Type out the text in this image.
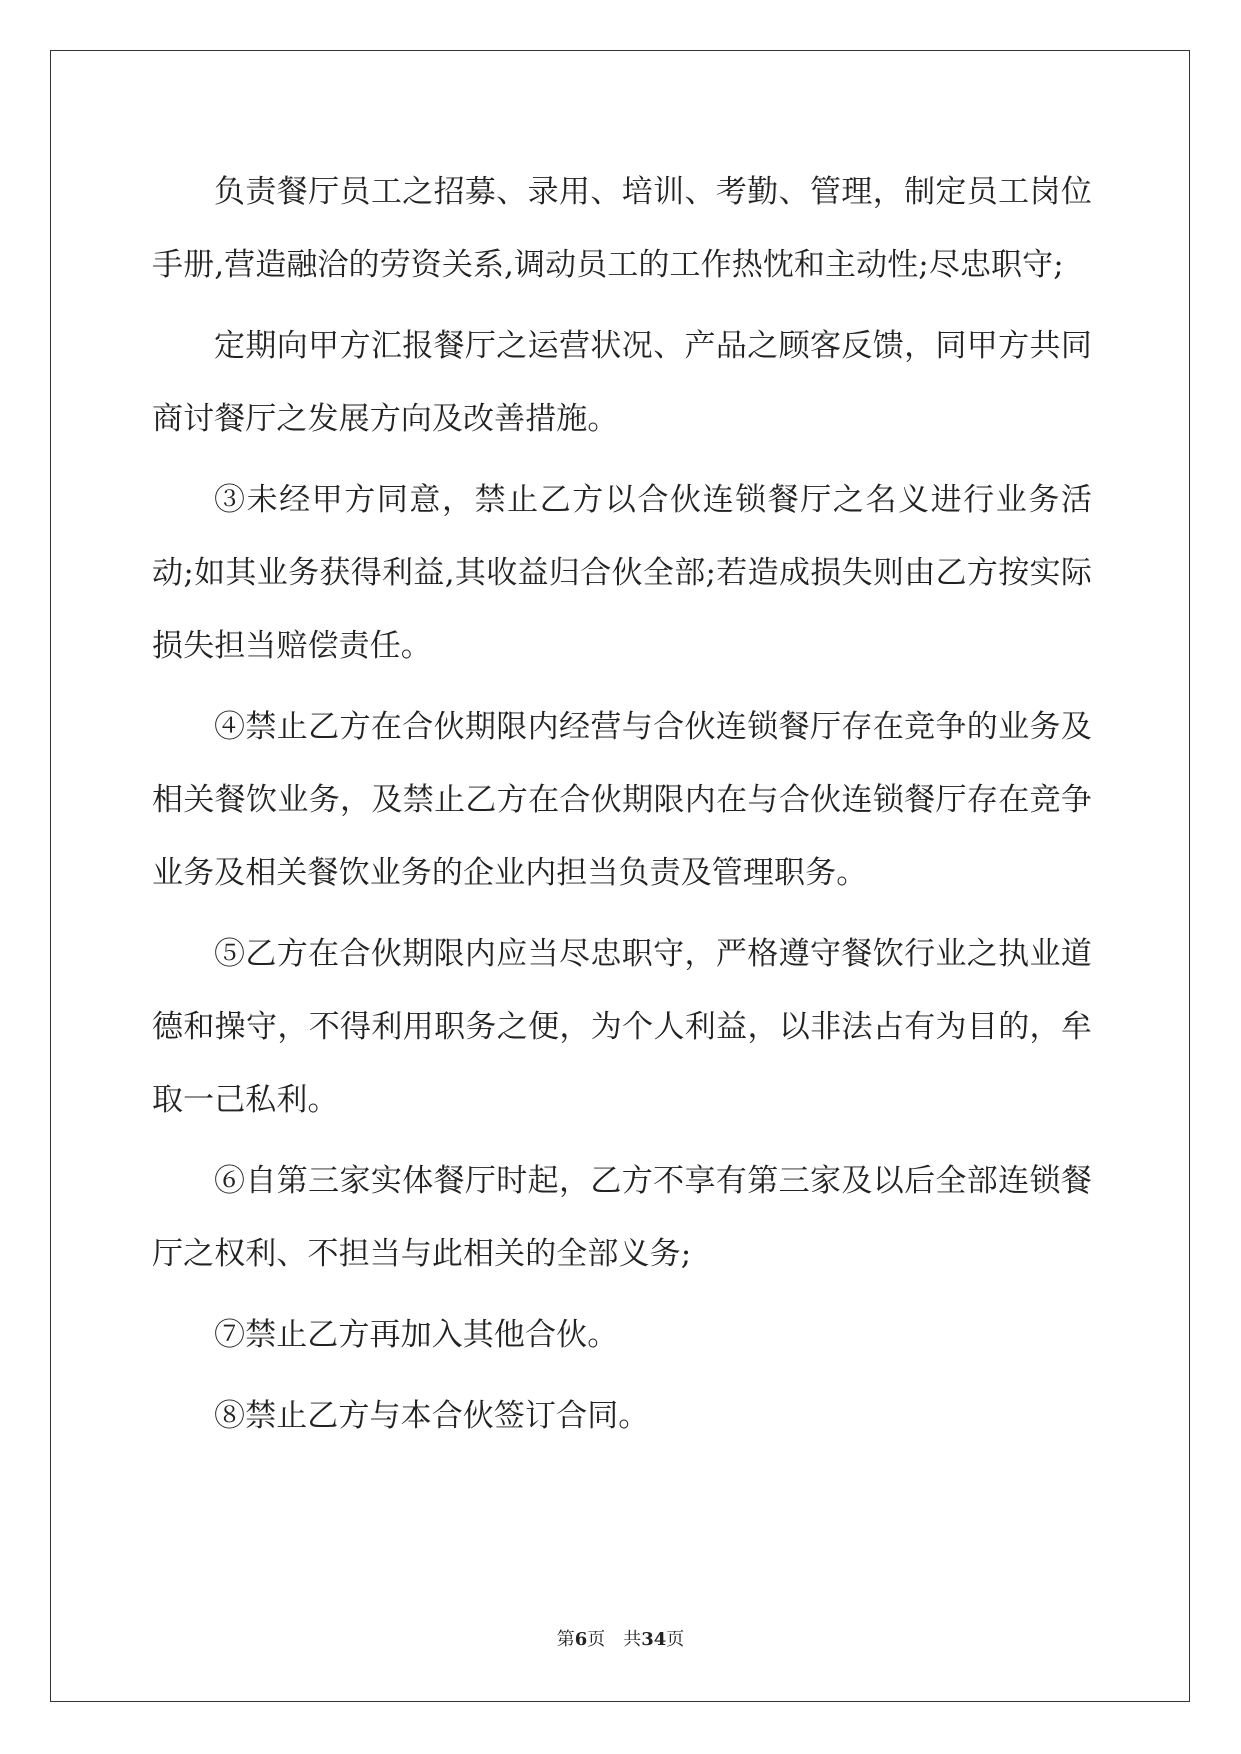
负责餐厅员工之招募、录用、培训、考勤、管理，制定员工岗位手册,营造融洽的劳资关系,调动员工的工作热忱和主动性;尽忠职守;

定期向甲方汇报餐厅之运营状况、产品之顾客反馈，同甲方共同商讨餐厅之发展方向及改善措施。

③未经甲方同意，禁止乙方以合伙连锁餐厅之名义进行业务活动;如其业务获得利益,其收益归合伙全部;若造成损失则由乙方按实际损失担当赔偿责任。

④禁止乙方在合伙期限内经营与合伙连锁餐厅存在竞争的业务及相关餐饮业务，及禁止乙方在合伙期限内在与合伙连锁餐厅存在竞争业务及相关餐饮业务的企业内担当负责及管理职务。

⑤乙方在合伙期限内应当尽忠职守，严格遵守餐饮行业之执业道德和操守，不得利用职务之便，为个人利益，以非法占有为目的，牟取一己私利。

⑥自第三家实体餐厅时起，乙方不享有第三家及以后全部连锁餐厅之权利、不担当与此相关的全部义务;

⑦禁止乙方再加入其他合伙。

⑧禁止乙方与本合伙签订合同。

第6页 共34页
